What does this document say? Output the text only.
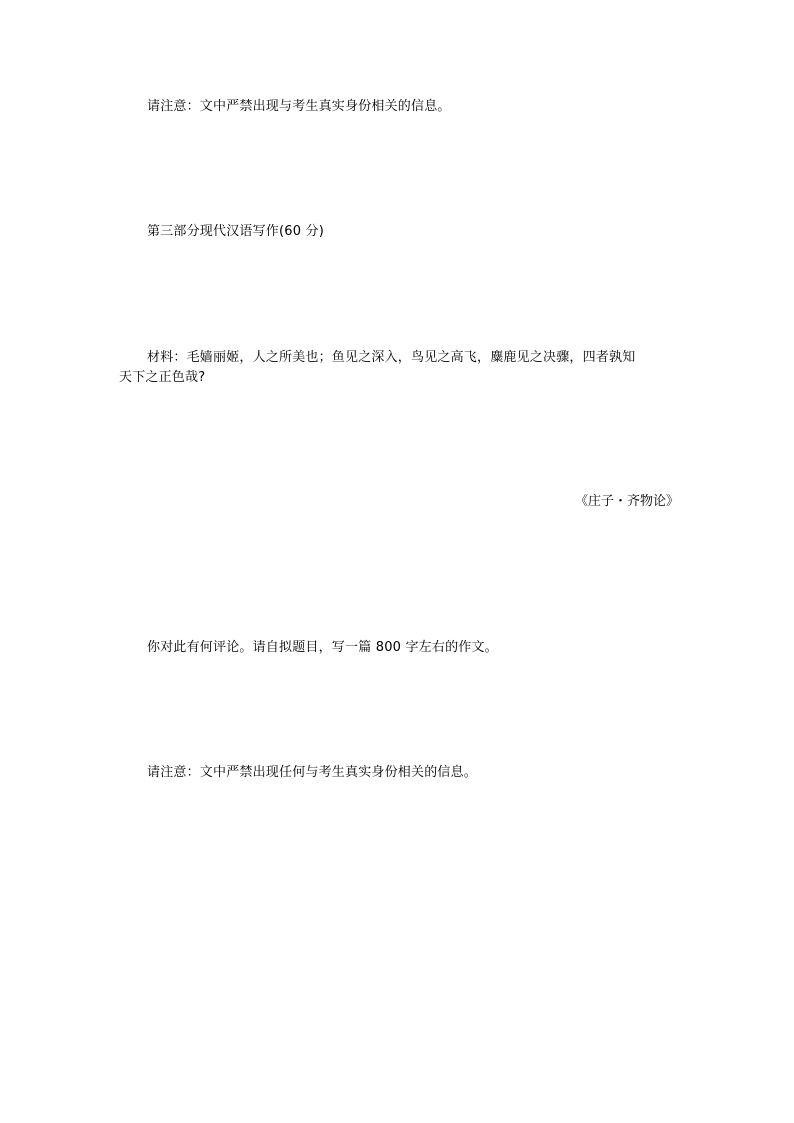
请注意：文中严禁出现与考生真实身份相关的信息。
第三部分现代汉语写作(60 分)
材料：毛嫱丽姬，人之所美也；鱼见之深入，鸟见之高飞，麋鹿见之决骤，四者孰知
天下之正色哉?
《庄子・齐物论》
你对此有何评论。请自拟题目，写一篇 800 字左右的作文。
请注意：文中严禁出现任何与考生真实身份相关的信息。
